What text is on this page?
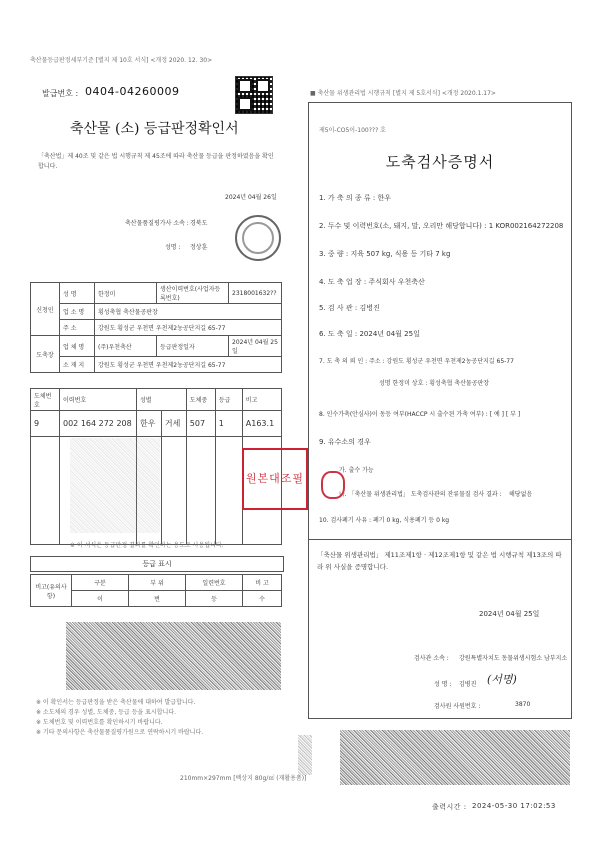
축산물등급판정세부기준 [별지 제 10호 서식] <개정 2020. 12. 30>
발급번호 : 0404-04260009
축산물 (소) 등급판정확인서
「축산법」제 40조 및 같은 법 시행규칙 제 45조에 따라 축산물 등급을 판정하였음을 확인합니다.
2024년 04월 26일
축산물품질평가사 소속 : 경북도
성명 : 정상훈
신청인	성 명	한정미	생산이력번호(사업자등록번호)	2318001632??
	업 소 명	횡성축협 축산물공판장		
	주 소	강원도 횡성군 우천면 우천제2농공단지길 65-77		
도축장	업 체 명	(주)우천축산	등급판정일자	2024년 04월 25일
	소 재 지	강원도 횡성군 우천면 우천제2농공단지길 65-77		
도체번호	이력번호	성별		도체중	등급	비고
9	002 164 272 208	한우	거세	507	1	A163.1

원본대조필
※ 이 서식은 등급판정 결과를 확인하는 용도로 사용됩니다.
등급 표시
비고(유의사항)	구분	부 위	일련번호	비 고
	이	번	등	수
※ 이 확인서는 등급판정을 받은 축산물에 대하여 발급합니다.
※ 소도체의 경우 성별, 도체중, 등급 등을 표시합니다.
※ 도체번호 및 이력번호를 확인하시기 바랍니다.
※ 기타 문의사항은 축산물품질평가원으로 연락하시기 바랍니다.
210mm×297mm [백상지 80g/㎡ (재활용품)]
■ 축산물 위생관리법 시행규칙 [별지 제 5호서식] <개정 2020.1.17>
제5이-CO5이-100??? 호
도축검사증명서
1. 가 축 의 종 류 : 한우
2. 두수 및 이력번호(소, 돼지, 말, 오리만 해당합니다) : 1 KOR002164272208
3. 중 량 : 지육 507 kg, 식용 등 기타 7 kg
4. 도 축 업 장 : 주식회사 우천축산
5. 검 사 관 : 김병진
6. 도 축 일 : 2024년 04월 25일
7. 도 축 의 뢰 인 : 주소 : 강원도 횡성군 우천면 우천제2농공단지길 65-77
성명 한정미 상호 : 횡성축협 축산물공판장
8. 인수가축(안심사)이 동등 여부(HACCP 시 출수된 가축 여부) : [ 예 ] [ 부 ]
9. 유수소의 경우
가. 출수 가능
나. 「축산물 위생관리법」 도축검사관의 잔류물질 검사 결과 : 해당없음
10. 검사폐기 사유 : 폐기 0 kg, 식용폐기 등 0 kg
「축산물 위생관리법」 제11조제1항 · 제12조제1항 및 같은 법 시행규칙 제13조의 따라 위 사실을 증명합니다.
2024년 04월 25일
검사관 소속 : 강원특별자치도 동물위생시험소 남부지소
성 명 : 김병진 (서명)
검사원 사원번호 :	3870
출력시간 : 2024-05-30 17:02:53
